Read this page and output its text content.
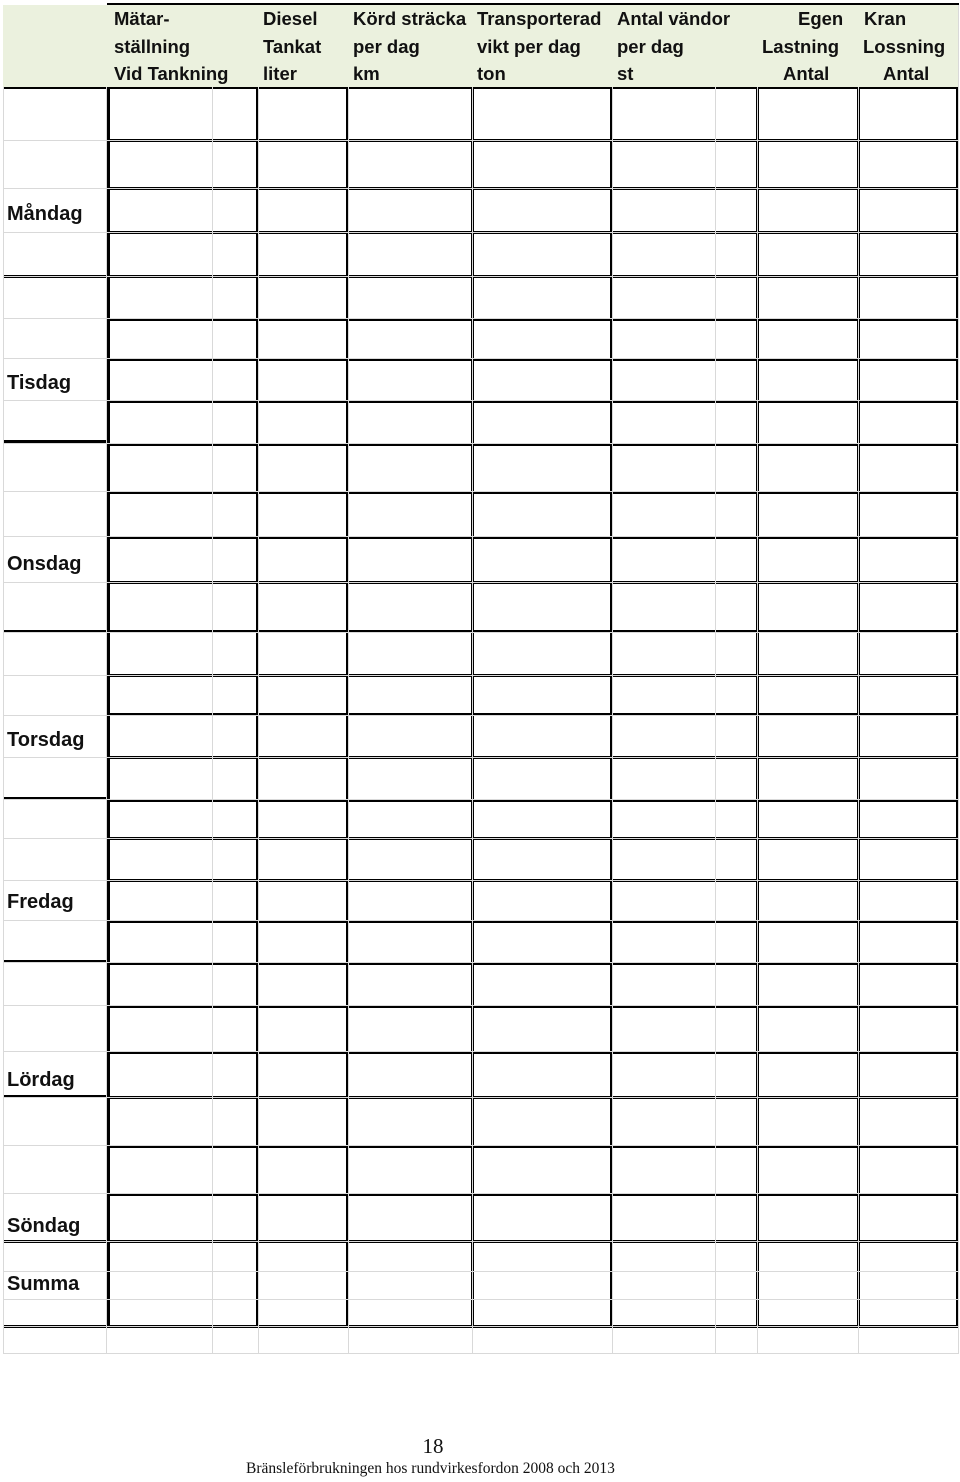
Mätar-
ställning
Vid Tankning
Diesel
Tankat
liter
Körd sträcka
per dag
km
Transporterad
vikt per dag
ton
Antal vändor
per dag
st
Egen Kran
Lastning
Antal
Lossning
Antal
Måndag
Tisdag
Onsdag
Torsdag
Fredag
Lördag
Söndag
Summa
18
Bränsleförbrukningen hos rundvirkesfordon 2008 och 2013
